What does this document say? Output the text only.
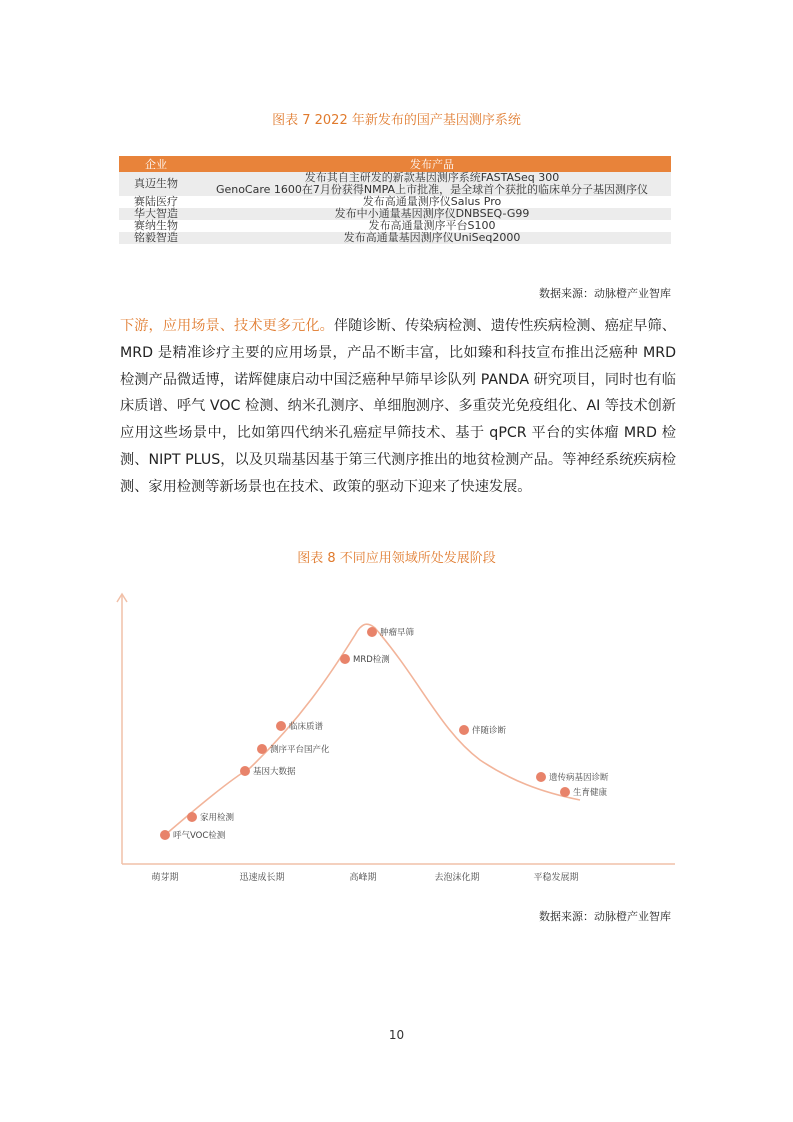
图表 7 2022 年新发布的国产基因测序系统
企业	发布产品
真迈生物	发布其自主研发的新款基因测序系统FASTASeq 300
GenoCare 1600在7月份获得NMPA上市批准，是全球首个获批的临床单分子基因测序仪

赛陆医疗	发布高通量测序仪Salus Pro
华大智造	发布中小通量基因测序仪DNBSEQ-G99
赛纳生物	发布高通量测序平台S100
铭毅智造	发布高通量基因测序仪UniSeq2000
数据来源：动脉橙产业智库
下游，应用场景、技术更多元化。伴随诊断、传染病检测、遗传性疾病检测、癌症早筛、MRD 是精准诊疗主要的应用场景，产品不断丰富，比如臻和科技宣布推出泛癌种 MRD 检测产品微适博，诺辉健康启动中国泛癌种早筛早诊队列 PANDA 研究项目，同时也有临床质谱、呼气 VOC 检测、纳米孔测序、单细胞测序、多重荧光免疫组化、AI 等技术创新应用这些场景中，比如第四代纳米孔癌症早筛技术、基于 qPCR 平台的实体瘤 MRD 检测、NIPT PLUS，以及贝瑞基因基于第三代测序推出的地贫检测产品。等神经系统疾病检测、家用检测等新场景也在技术、政策的驱动下迎来了快速发展。
图表 8 不同应用领域所处发展阶段
萌芽期	迅速成长期	高峰期	去泡沫化期	平稳发展期
呼气VOC检测
家用检测
基因大数据
测序平台国产化
临床质谱
MRD检测
肿瘤早筛
伴随诊断
遗传病基因诊断
生育健康
数据来源：动脉橙产业智库
10
